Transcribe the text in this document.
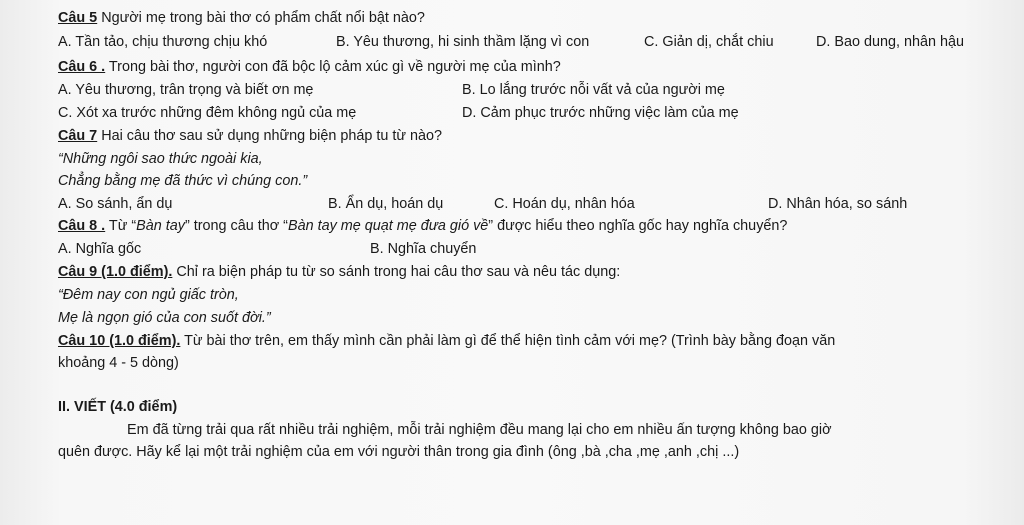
Câu 5 Người mẹ trong bài thơ có phẩm chất nổi bật nào?
A. Tần tảo, chịu thương chịu khó	B. Yêu thương, hi sinh thầm lặng vì con	C. Giản dị, chắt chiu	D. Bao dung, nhân hậu
Câu 6 . Trong bài thơ, người con đã bộc lộ cảm xúc gì về người mẹ của mình?
A. Yêu thương, trân trọng và biết ơn mẹ	B. Lo lắng trước nỗi vất vả của người mẹ
C. Xót xa trước những đêm không ngủ của mẹ	D. Cảm phục trước những việc làm của mẹ
Câu 7 Hai câu thơ sau sử dụng những biện pháp tu từ nào?
“Những ngôi sao thức ngoài kia,
Chẳng bằng mẹ đã thức vì chúng con.”
A. So sánh, ẩn dụ	B. Ẩn dụ, hoán dụ	C. Hoán dụ, nhân hóa	D. Nhân hóa, so sánh
Câu 8 . Từ “Bàn tay” trong câu thơ “Bàn tay mẹ quạt mẹ đưa gió về” được hiểu theo nghĩa gốc hay nghĩa chuyển?
A. Nghĩa gốc	B. Nghĩa chuyển
Câu 9 (1.0 điểm). Chỉ ra biện pháp tu từ so sánh trong hai câu thơ sau và nêu tác dụng:
“Đêm nay con ngủ giấc tròn,
Mẹ là ngọn gió của con suốt đời.”
Câu 10 (1.0 điểm). Từ bài thơ trên, em thấy mình cần phải làm gì để thể hiện tình cảm với mẹ? (Trình bày bằng đoạn văn
khoảng 4 - 5 dòng)
II. VIẾT (4.0 điểm)
Em đã từng trải qua rất nhiều trải nghiệm, mỗi trải nghiệm đều mang lại cho em nhiều ấn tượng không bao giờ
quên được. Hãy kể lại một trải nghiệm của em với người thân trong gia đình (ông ,bà ,cha ,mẹ ,anh ,chị ...)
